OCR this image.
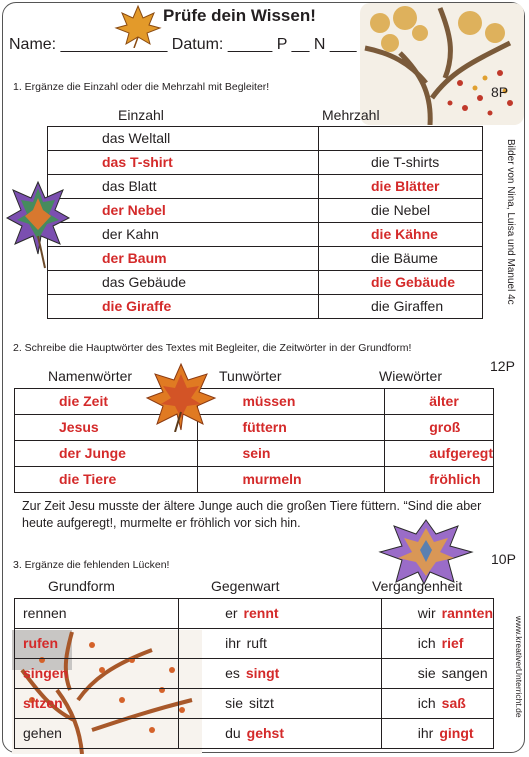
Prüfe dein Wissen!
Name: ____________ Datum: _____ P __ N ___
Bilder von Nina, Luisa und Manuel 4c
www.kreativerUnterricht.de
1. Ergänze die Einzahl oder die Mehrzahl mit Begleiter!	8P
Einzahl	Mehrzahl
das Weltall	
das T-shirt	die T-shirts
das Blatt	die Blätter
der Nebel	die Nebel
der Kahn	die Kähne
der Baum	die Bäume
das Gebäude	die Gebäude
die Giraffe	die Giraffen
2. Schreibe die Hauptwörter des Textes mit Begleiter, die Zeitwörter in der Grundform!
12P
Namenwörter	Tunwörter	Wiewörter
die Zeit	müssen	älter
Jesus	füttern	groß
der Junge	sein	aufgeregt
die Tiere	murmeln	fröhlich
Zur Zeit Jesu musste der ältere Junge auch die großen Tiere füttern. “Sind die aber heute aufgeregt!, murmelte er fröhlich vor sich hin.
3. Ergänze die fehlenden Lücken!	10P
Grundform	Gegenwart	Vergangenheit
rennen	er rennt	wir rannten
rufen	ihr ruft	ich rief
singen	es singt	sie sangen
sitzen	sie sitzt	ich saß
gehen	du gehst	ihr gingt
